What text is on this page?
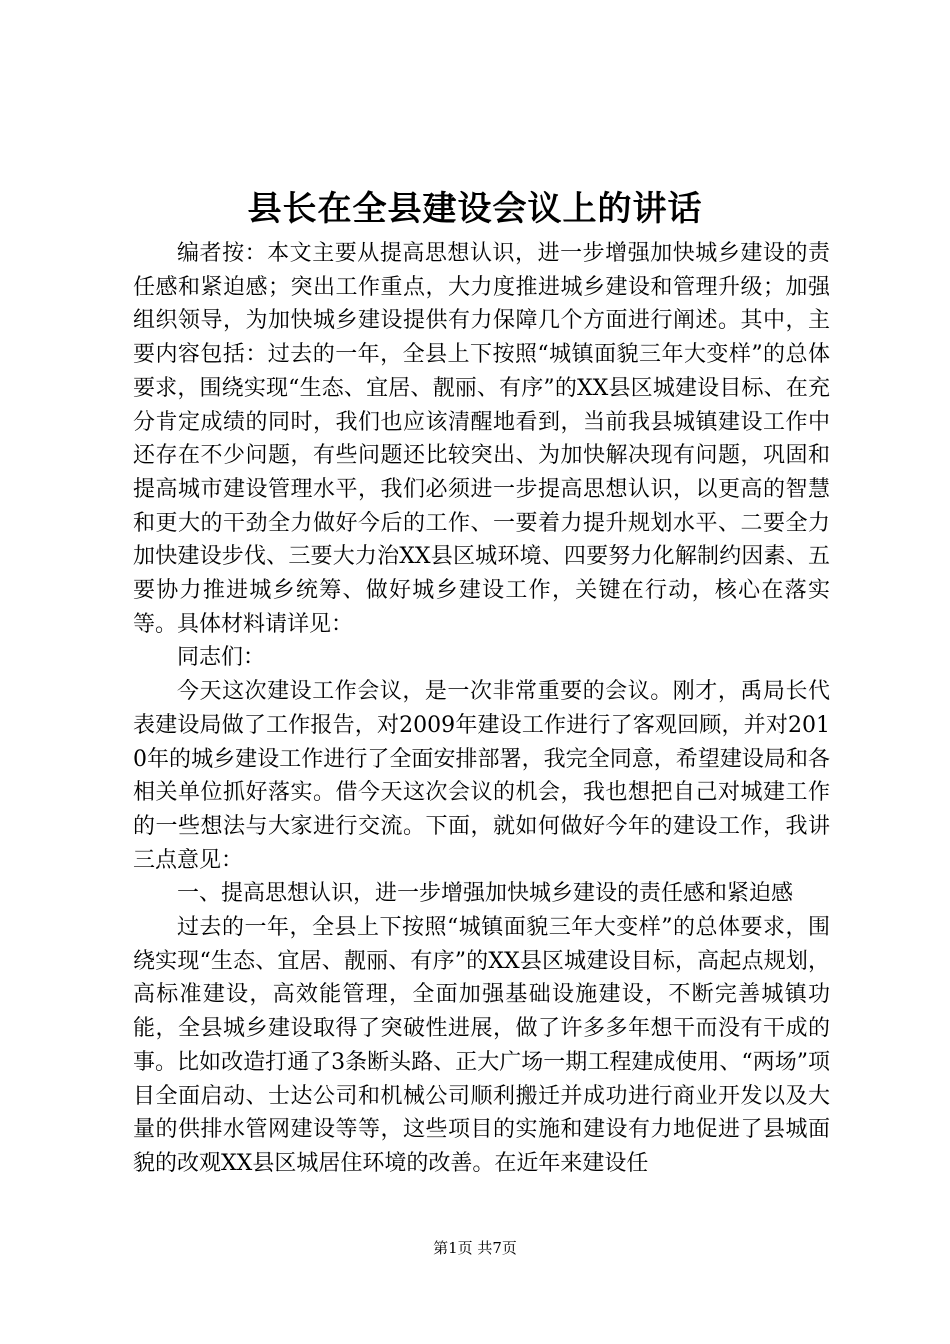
县长在全县建设会议上的讲话

编者按：本文主要从提高思想认识，进一步增强加快城乡建设的责任感和紧迫感；突出工作重点，大力度推进城乡建设和管理升级；加强组织领导，为加快城乡建设提供有力保障几个方面进行阐述。其中，主要内容包括：过去的一年，全县上下按照“城镇面貌三年大变样”的总体要求，围绕实现“生态、宜居、靓丽、有序”的XX县区城建设目标、在充分肯定成绩的同时，我们也应该清醒地看到，当前我县城镇建设工作中还存在不少问题，有些问题还比较突出、为加快解决现有问题，巩固和提高城市建设管理水平，我们必须进一步提高思想认识，以更高的智慧和更大的干劲全力做好今后的工作、一要着力提升规划水平、二要全力加快建设步伐、三要大力治XX县区城环境、四要努力化解制约因素、五要协力推进城乡统筹、做好城乡建设工作，关键在行动，核心在落实等。具体材料请详见：

同志们：

今天这次建设工作会议，是一次非常重要的会议。刚才，禹局长代表建设局做了工作报告，对2009年建设工作进行了客观回顾，并对2010年的城乡建设工作进行了全面安排部署，我完全同意，希望建设局和各相关单位抓好落实。借今天这次会议的机会，我也想把自己对城建工作的一些想法与大家进行交流。下面，就如何做好今年的建设工作，我讲三点意见：

一、提高思想认识，进一步增强加快城乡建设的责任感和紧迫感

过去的一年，全县上下按照“城镇面貌三年大变样”的总体要求，围绕实现“生态、宜居、靓丽、有序”的XX县区城建设目标，高起点规划，高标准建设，高效能管理，全面加强基础设施建设，不断完善城镇功能，全县城乡建设取得了突破性进展，做了许多多年想干而没有干成的事。比如改造打通了3条断头路、正大广场一期工程建成使用、“两场”项目全面启动、士达公司和机械公司顺利搬迁并成功进行商业开发以及大量的供排水管网建设等等，这些项目的实施和建设有力地促进了县城面貌的改观XX县区城居住环境的改善。在近年来建设任

第1页 共7页
